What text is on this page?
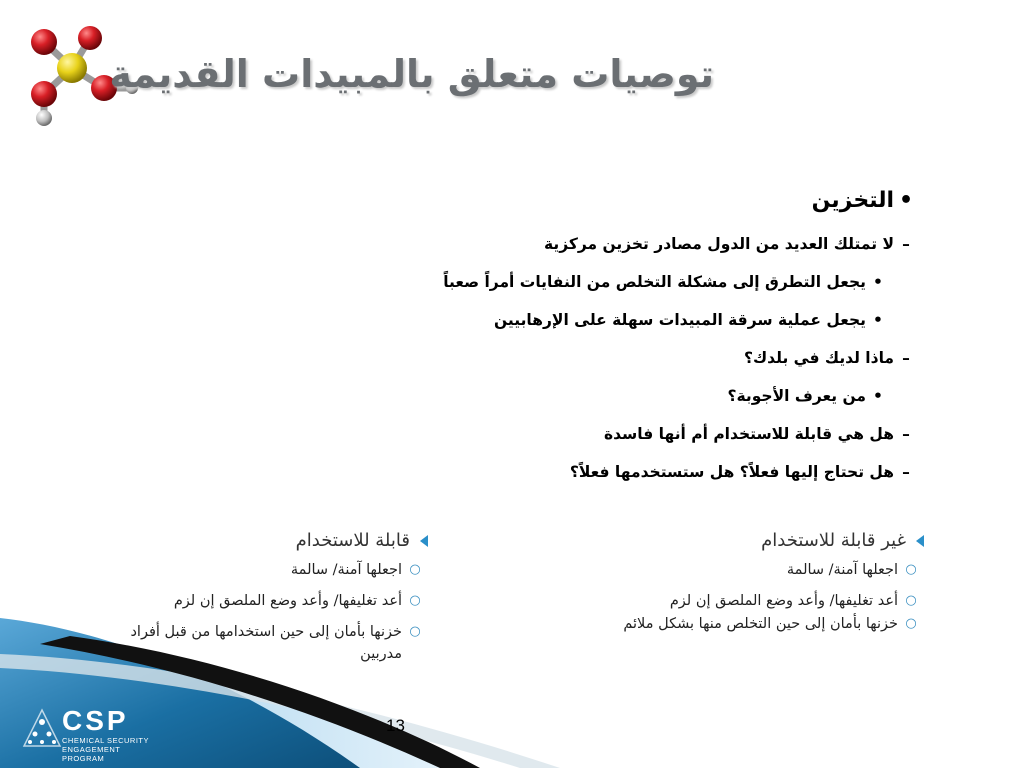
توصيات متعلق بالمبيدات القديمة
•
التخزين
–
لا تمتلك العديد من الدول مصادر تخزين مركزية
•
يجعل التطرق إلى مشكلة التخلص من النفايات أمراً صعباً
•
يجعل عملية سرقة المبيدات سهلة على الإرهابيين
–
ماذا لديك في بلدك؟
•
من يعرف الأجوبة؟
–
هل هي قابلة للاستخدام أم أنها فاسدة
–
هل تحتاج إليها فعلاً؟ هل ستستخدمها فعلاً؟
غير قابلة للاستخدام
○
اجعلها آمنة/ سالمة
○
أعد تغليفها/ وأعد وضع الملصق إن لزم
○
خزنها بأمان إلى حين التخلص منها بشكل ملائم
قابلة للاستخدام
○
اجعلها آمنة/ سالمة
○
أعد تغليفها/ وأعد وضع الملصق إن لزم
○
خزنها بأمان إلى حين استخدامها من قبل أفراد مدربين
CSP
CHEMICAL SECURITY
ENGAGEMENT PROGRAM
13
